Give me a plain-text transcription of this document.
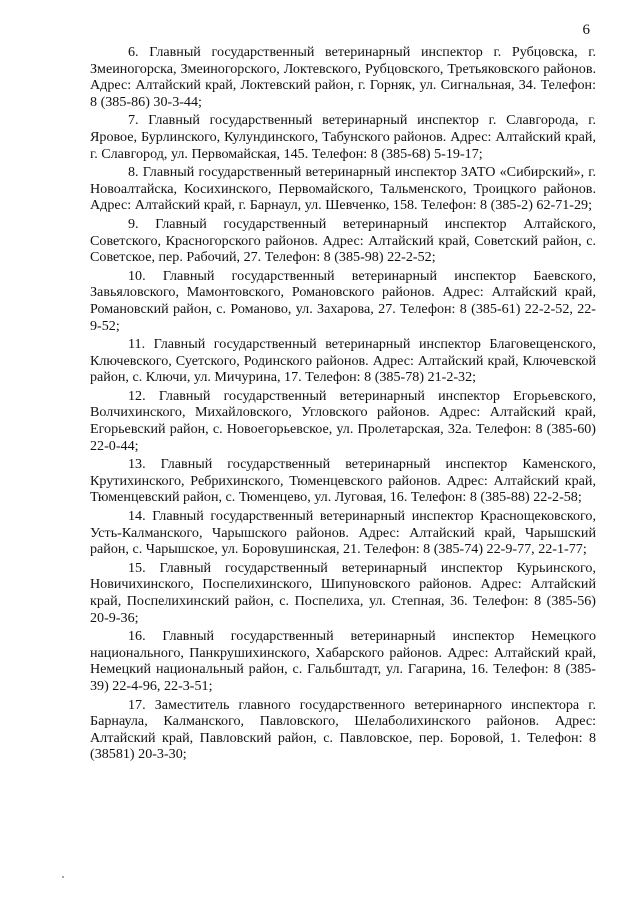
6

6. Главный государственный ветеринарный инспектор г. Рубцовска, г. Змеиногорска, Змеиногорского, Локтевского, Рубцовского, Третьяковского районов. Адрес: Алтайский край, Локтевский район, г. Горняк, ул. Сигнальная, 34. Телефон: 8 (385-86) 30-3-44;

7. Главный государственный ветеринарный инспектор г. Славгорода, г. Яровое, Бурлинского, Кулундинского, Табунского районов. Адрес: Алтайский край, г. Славгород, ул. Первомайская, 145. Телефон: 8 (385-68) 5-19-17;

8. Главный государственный ветеринарный инспектор ЗАТО «Сибирский», г. Новоалтайска, Косихинского, Первомайского, Тальменского, Троицкого районов. Адрес: Алтайский край, г. Барнаул, ул. Шевченко, 158. Телефон: 8 (385-2) 62-71-29;

9. Главный государственный ветеринарный инспектор Алтайского, Советского, Красногорского районов. Адрес: Алтайский край, Советский район, с. Советское, пер. Рабочий, 27. Телефон: 8 (385-98) 22-2-52;

10. Главный государственный ветеринарный инспектор Баевского, Завьяловского, Мамонтовского, Романовского районов. Адрес: Алтайский край, Романовский район, с. Романово, ул. Захарова, 27. Телефон: 8 (385-61) 22-2-52, 22-9-52;

11. Главный государственный ветеринарный инспектор Благовещенского, Ключевского, Суетского, Родинского районов. Адрес: Алтайский край, Ключевской район, с. Ключи, ул. Мичурина, 17. Телефон: 8 (385-78) 21-2-32;

12. Главный государственный ветеринарный инспектор Егорьевского, Волчихинского, Михайловского, Угловского районов. Адрес: Алтайский край, Егорьевский район, с. Новоегорьевское, ул. Пролетарская, 32а. Телефон: 8 (385-60) 22-0-44;

13. Главный государственный ветеринарный инспектор Каменского, Крутихинского, Ребрихинского, Тюменцевского районов. Адрес: Алтайский край, Тюменцевский район, с. Тюменцево, ул. Луговая, 16. Телефон: 8 (385-88) 22-2-58;

14. Главный государственный ветеринарный инспектор Краснощековского, Усть-Калманского, Чарышского районов. Адрес: Алтайский край, Чарышский район, с. Чарышское, ул. Боровушинская, 21. Телефон: 8 (385-74) 22-9-77, 22-1-77;

15. Главный государственный ветеринарный инспектор Курьинского, Новичихинского, Поспелихинского, Шипуновского районов. Адрес: Алтайский край, Поспелихинский район, с. Поспелиха, ул. Степная, 36. Телефон: 8 (385-56) 20-9-36;

16. Главный государственный ветеринарный инспектор Немецкого национального, Панкрушихинского, Хабарского районов. Адрес: Алтайский край, Немецкий национальный район, с. Гальбштадт, ул. Гагарина, 16. Телефон: 8 (385-39) 22-4-96, 22-3-51;

17. Заместитель главного государственного ветеринарного инспектора г. Барнаула, Калманского, Павловского, Шелаболихинского районов. Адрес: Алтайский край, Павловский район, с. Павловское, пер. Боровой, 1. Телефон: 8 (38581) 20-3-30;
